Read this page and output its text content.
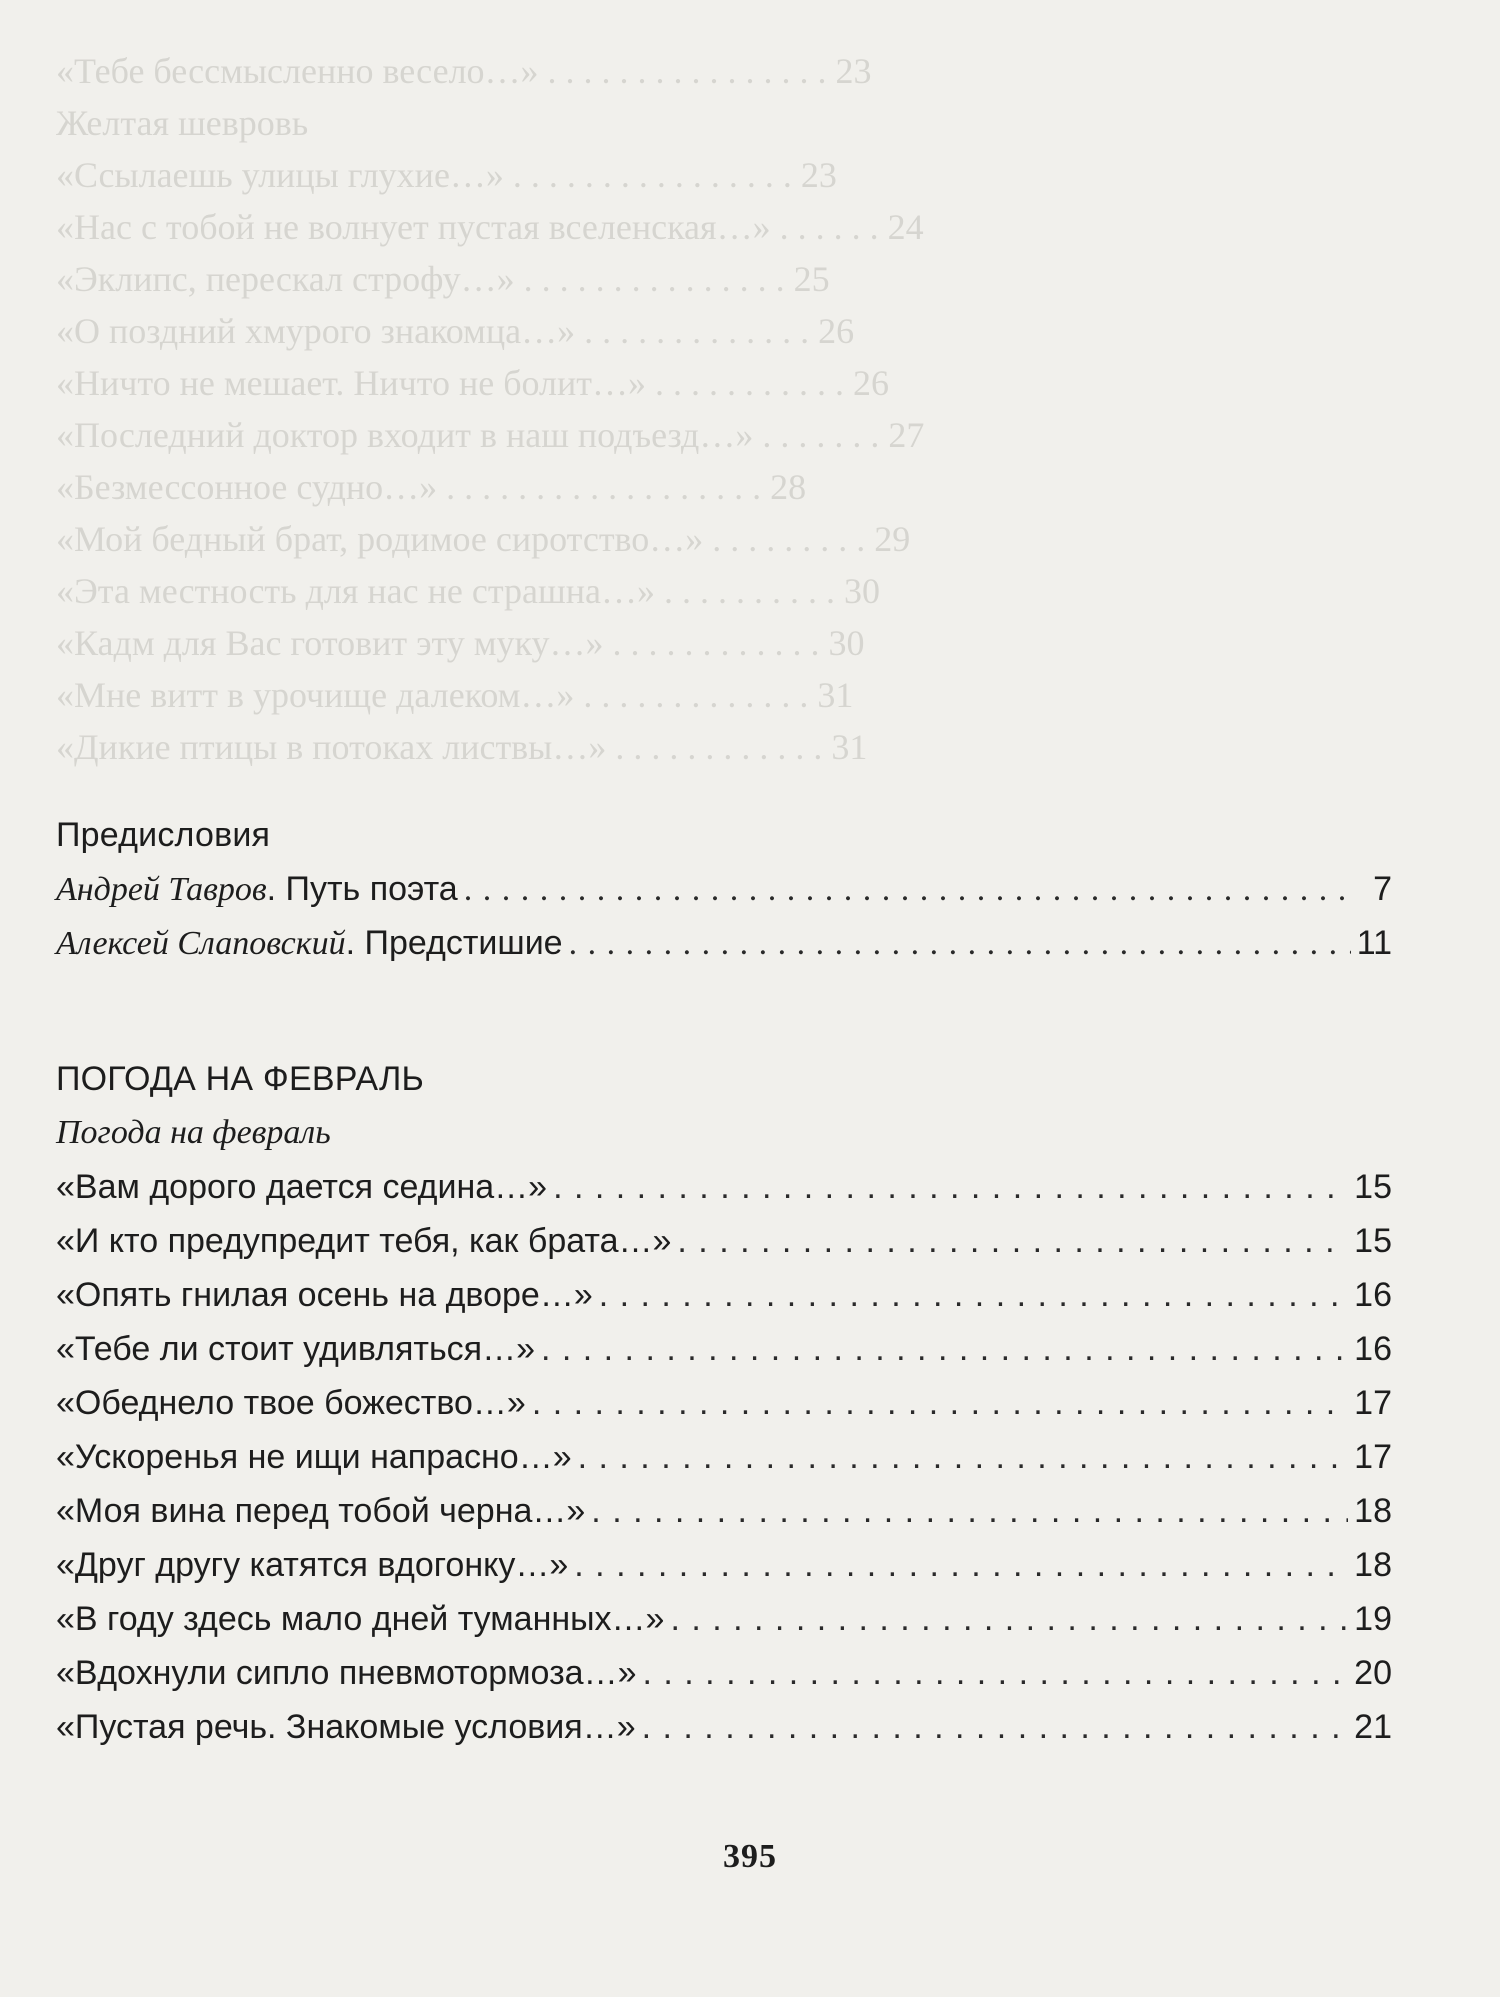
«Тебе бессмысленно весело…» . . . . . . . . . . . . . . . . 23
Желтая шевровь
«Ссылаешь улицы глухие…» . . . . . . . . . . . . . . . . 23
«Нас с тобой не волнует пустая вселенская…» . . . . . . 24
«Эклипс, перескал строфу…» . . . . . . . . . . . . . . . 25
«О поздний хмурого знакомца…» . . . . . . . . . . . . . 26
«Ничто не мешает. Ничто не болит…» . . . . . . . . . . . 26
«Последний доктор входит в наш подъезд…» . . . . . . . 27
«Безмессонное судно…» . . . . . . . . . . . . . . . . . . 28
«Мой бедный брат, родимое сиротство…» . . . . . . . . . 29
«Эта местность для нас не страшна…» . . . . . . . . . . 30
«Кадм для Вас готовит эту муку…» . . . . . . . . . . . . 30
«Мне витт в урочище далеком…» . . . . . . . . . . . . . 31
«Дикие птицы в потоках листвы…» . . . . . . . . . . . . 31
Предисловия
Андрей Тавров. Путь поэта . . .	7
Алексей Слаповский. Предстишие . . .	11
ПОГОДА НА ФЕВРАЛЬ
Погода на февраль
«Вам дорого дается седина…» . . .	15
«И кто предупредит тебя, как брата…» . . .	15
«Опять гнилая осень на дворе…» . . .	16
«Тебе ли стоит удивляться…» . . .	16
«Обеднело твое божество…» . . .	17
«Ускоренья не ищи напрасно…» . . .	17
«Моя вина перед тобой черна…» . . .	18
«Друг другу катятся вдогонку…» . . .	18
«В году здесь мало дней туманных…» . . .	19
«Вдохнули сипло пневмотормоза…» . . .	20
«Пустая речь. Знакомые условия…» . . .	21
395
